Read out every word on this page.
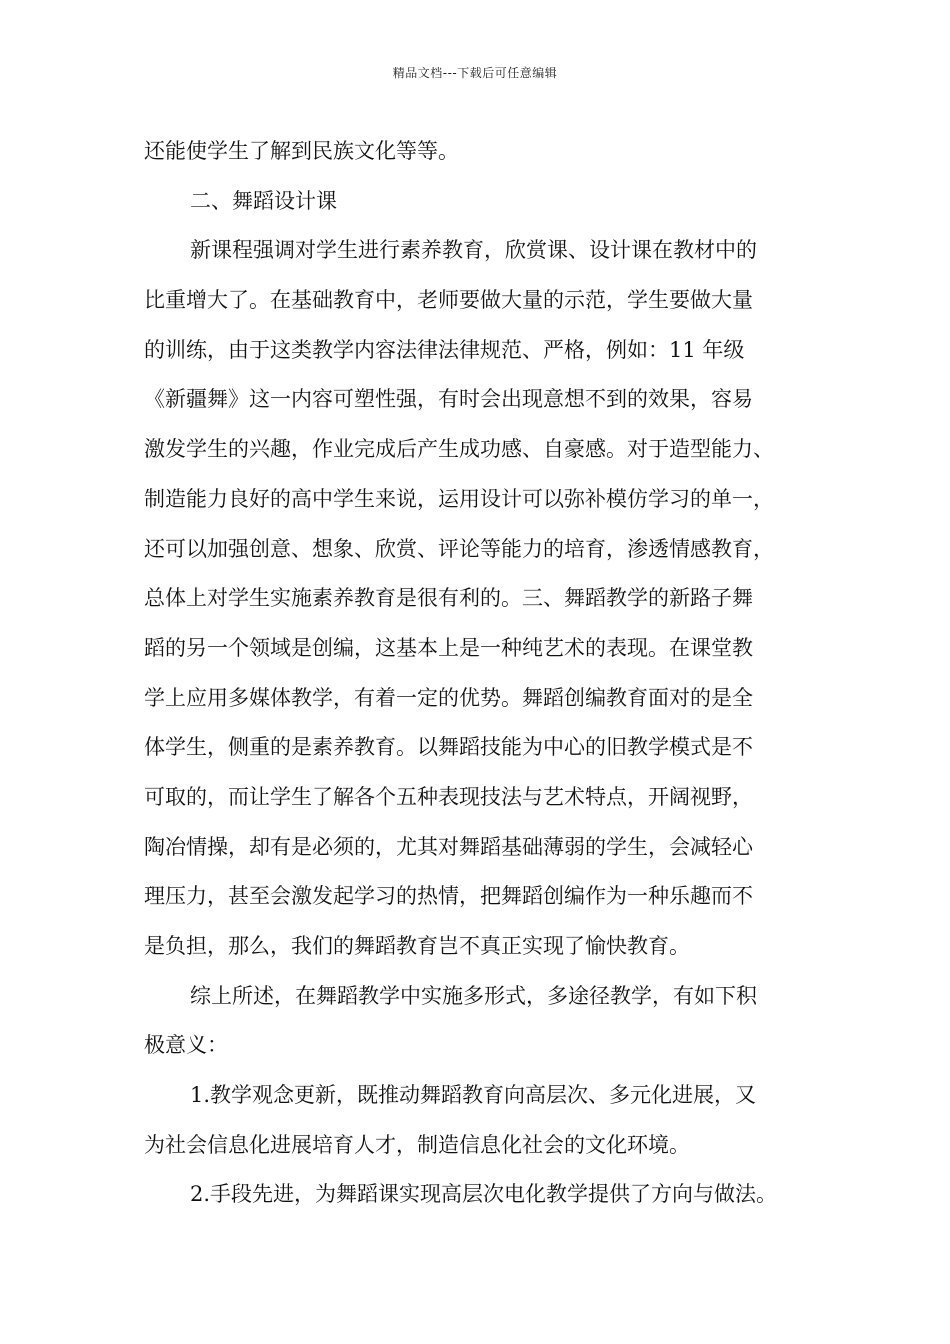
精品文档---下载后可任意编辑
还能使学生了解到民族文化等等。
二、舞蹈设计课
新课程强调对学生进行素养教育，欣赏课、设计课在教材中的
比重增大了。在基础教育中，老师要做大量的示范，学生要做大量
的训练，由于这类教学内容法律法律规范、严格，例如：11 年级
《新疆舞》这一内容可塑性强，有时会出现意想不到的效果，容易
激发学生的兴趣，作业完成后产生成功感、自豪感。对于造型能力、
制造能力良好的高中学生来说，运用设计可以弥补模仿学习的单一，
还可以加强创意、想象、欣赏、评论等能力的培育，渗透情感教育，
总体上对学生实施素养教育是很有利的。三、舞蹈教学的新路子舞
蹈的另一个领域是创编，这基本上是一种纯艺术的表现。在课堂教
学上应用多媒体教学，有着一定的优势。舞蹈创编教育面对的是全
体学生，侧重的是素养教育。以舞蹈技能为中心的旧教学模式是不
可取的，而让学生了解各个五种表现技法与艺术特点，开阔视野，
陶冶情操，却有是必须的，尤其对舞蹈基础薄弱的学生，会减轻心
理压力，甚至会激发起学习的热情，把舞蹈创编作为一种乐趣而不
是负担，那么，我们的舞蹈教育岂不真正实现了愉快教育。
综上所述，在舞蹈教学中实施多形式，多途径教学，有如下积
极意义：
1.教学观念更新，既推动舞蹈教育向高层次、多元化进展，又
为社会信息化进展培育人才，制造信息化社会的文化环境。
2.手段先进，为舞蹈课实现高层次电化教学提供了方向与做法。
